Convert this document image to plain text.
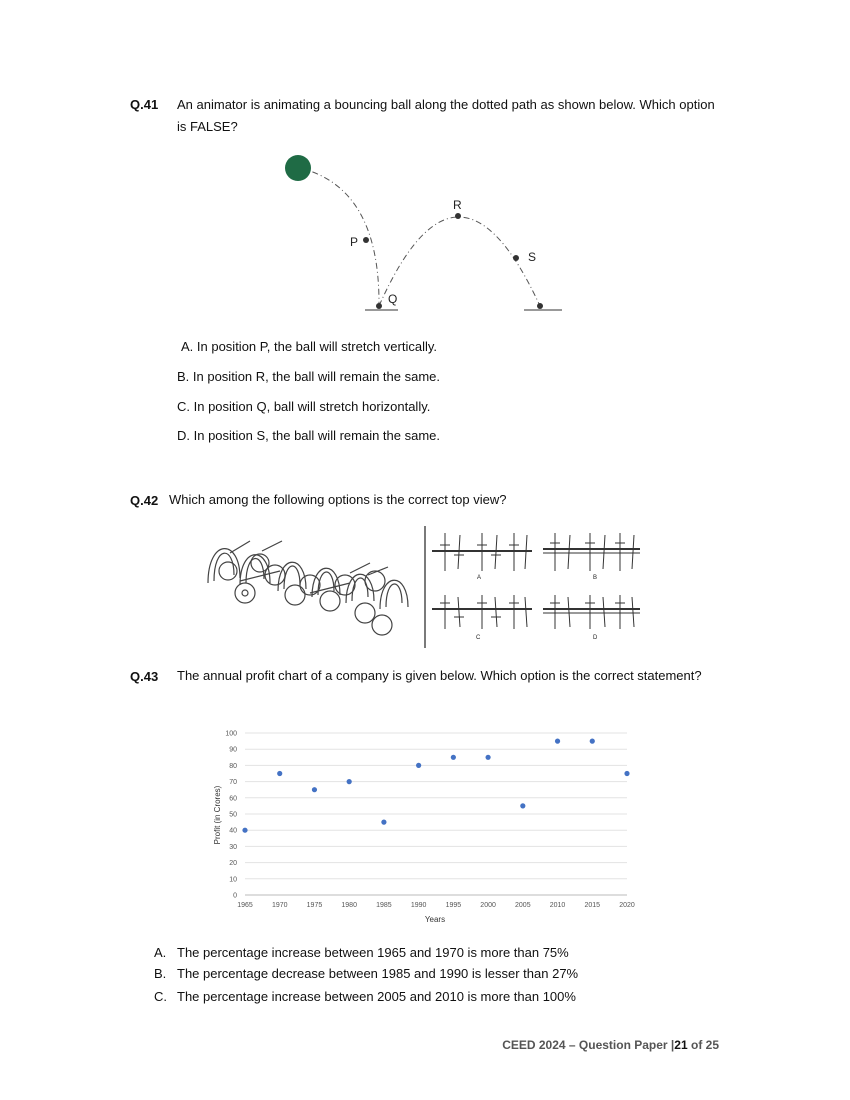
Q.41 An animator is animating a bouncing ball along the dotted path as shown below. Which option is FALSE?
P
Q
R
S
A. In position P, the ball will stretch vertically.
B. In position R, the ball will remain the same.
C. In position Q, ball will stretch horizontally.
D. In position S, the ball will remain the same.
Q.42 Which among the following options is the correct top view?
A	B
C	D
Q.43 The annual profit chart of a company is given below. Which option is the correct statement?
0
10
20
30
40
50
60
70
80
90
100
1965	1970	1975	1980	1985	1990	1995	2000	2005	2010	2015	2020
Years
Profit (in Crores)
A. The percentage increase between 1965 and 1970 is more than 75%
B. The percentage decrease between 1985 and 1990 is lesser than 27%
C. The percentage increase between 2005 and 2010 is more than 100%
CEED 2024 – Question Paper |21 of 25
